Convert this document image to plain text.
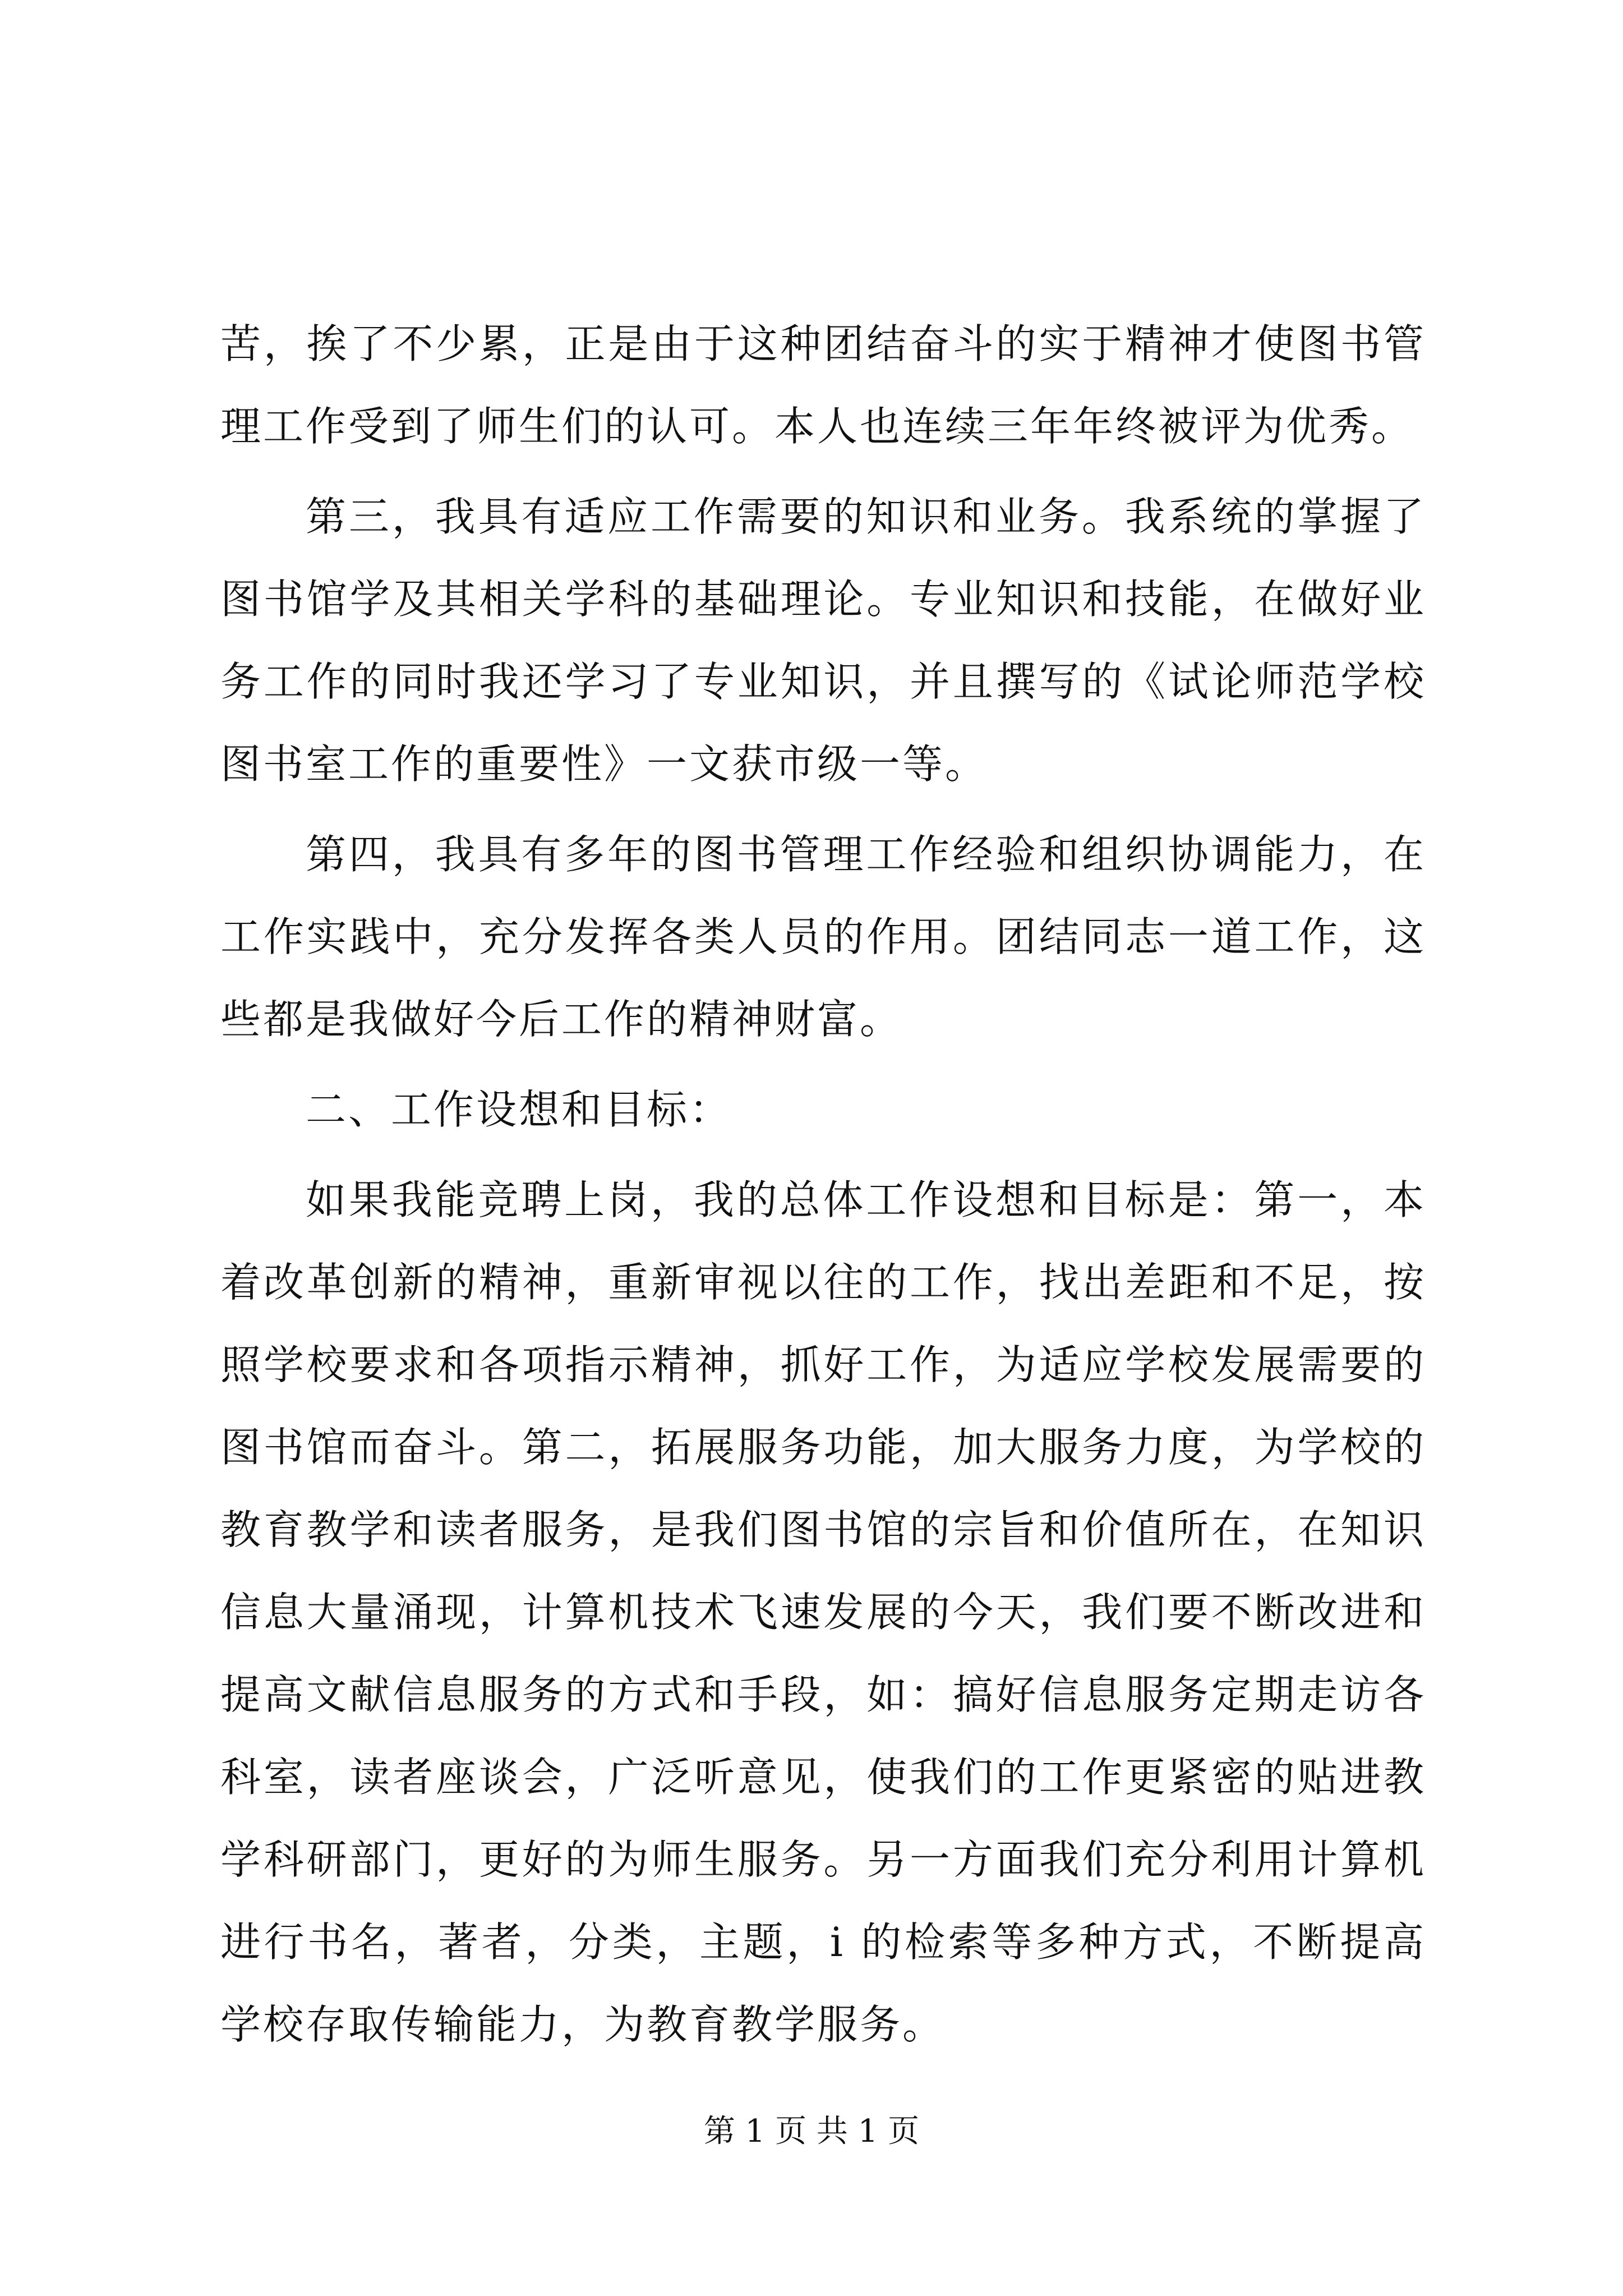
苦，挨了不少累，正是由于这种团结奋斗的实于精神才使图书管理工作受到了师生们的认可。本人也连续三年年终被评为优秀。

第三，我具有适应工作需要的知识和业务。我系统的掌握了图书馆学及其相关学科的基础理论。专业知识和技能，在做好业务工作的同时我还学习了专业知识，并且撰写的《试论师范学校图书室工作的重要性》一文获市级一等。

第四，我具有多年的图书管理工作经验和组织协调能力，在工作实践中，充分发挥各类人员的作用。团结同志一道工作，这些都是我做好今后工作的精神财富。

二、工作设想和目标：

如果我能竞聘上岗，我的总体工作设想和目标是：第一，本着改革创新的精神，重新审视以往的工作，找出差距和不足，按照学校要求和各项指示精神，抓好工作，为适应学校发展需要的图书馆而奋斗。第二，拓展服务功能，加大服务力度，为学校的教育教学和读者服务，是我们图书馆的宗旨和价值所在，在知识信息大量涌现，计算机技术飞速发展的今天，我们要不断改进和提高文献信息服务的方式和手段，如：搞好信息服务定期走访各科室，读者座谈会，广泛听意见，使我们的工作更紧密的贴进教学科研部门，更好的为师生服务。另一方面我们充分利用计算机进行书名，著者，分类，主题，i 的检索等多种方式，不断提高学校存取传输能力，为教育教学服务。

第 1 页 共 1 页
